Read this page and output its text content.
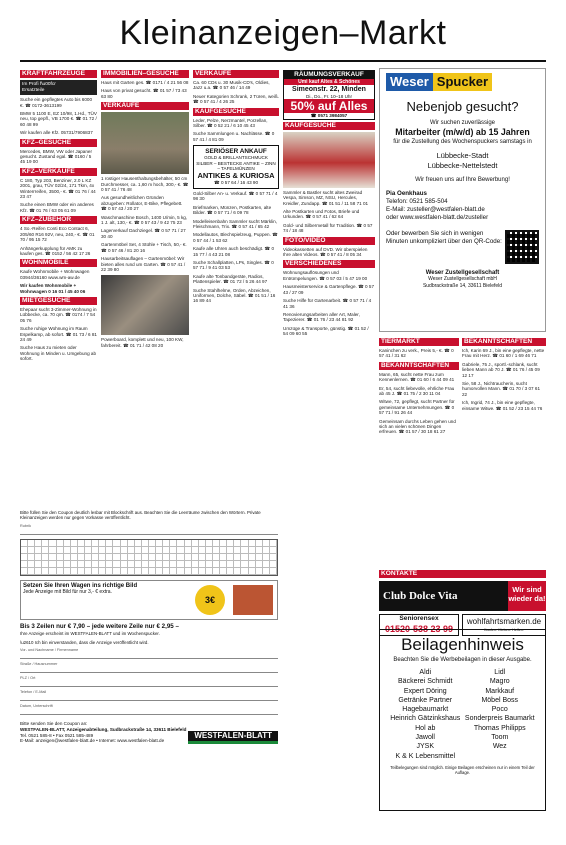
Kleinanzeigen–Markt
KRAFTFAHRZEUGE
Im Profi f\u00fcr
Ersatzteile
Suche ein gepflegtes Auto bis 6000 €. ☎ 0172-3613199
BMW 5 1100 E, EZ 10/98, 1.Hd., TÜV neu, top gepfl., VB 1700 €. ☎ 01 72 / 60 48 99
Wir kaufen alle Kfz. 05731/7906837
KFZ–GESUCHE
Mercedes, BMW, VW oder Japaner gesucht. Zustand egal. ☎ 0160 / 5 45 19 00
KFZ–VERKÄUFE
C 180, Typ 203, Benziner, 2.0 L KZ 2001, grau, TÜV 02/24, 171 Tkm, 4x Winterrreifen, 3500,- €. ☎ 01 76 / 44 23 47
Suche einen BMW oder ein anderes Kfz. ☎ 01 76 / 63 05 61 09
KFZ–ZUBEHÖR
4 So.-Reifen Conti Eco Contact 6, 205/60 R16 92V, neu, 240,- €. ☎ 01 70 / 95 15 72
Anhängerkupplung für AMK zu kaufen ges. ☎ 0152 / 56 42 17 26
WOHNMOBILE
Kaufe Wohnmobile + Wohnwagen 03944/36160 www.wm-aw.de
Wir kaufen Wohnmobile + Wohnwagen 0 16 01 / 45 40 06
MIETGESUCHE
Ehepaar sucht 3-Zimmer-Wohnung in Lübbecke, ca. 70 qm. ☎ 0174 / 7 54 05 76
Suche ruhige Wohnung im Raum Espelkamp, ab sofort. ☎ 01 73 / 6 81 24 49
Suche Haus zu mieten oder Wohnung in Minden u. Umgebung ab sofort.
IMMOBILIEN–GESUCHE
Haus mit Garten ges. ☎ 0171 / 4 21 56 08
Haus von privat gesucht. ☎ 01 57 / 73 43 63 80
VERKÄUFE
1 rostiger Hausenthaltungsbehälter, 50 cm Durchmesser, ca. 1,60 m hoch, 300,- €. ☎ 0 57 41 / 76 48
Aus gesundheitlichen Gründen abzugeben: Rollator, E-Bike, Pflegebett. ☎ 0 57 43 / 20 27
Waschmaschine Bosch, 1400 U/min, 5 kg, 1 J. alt, 130,- €. ☎ 0 57 43 / 9 42 75 23
Lagerverkauf Dachziegel. ☎ 0 57 71 / 27 30 40
Gartenmöbel Set, 4 Stühle + Tisch, 50,- €. ☎ 0 57 46 / 81 20 16
Hausarbeitsauflagen – Gartenmöbel: Wir bieten alles rund um Garten. ☎ 0 57 41 / 22 39 80
Powerboard, komplett und neu, 100 KW, fahrbereit. ☎ 01 71 / 42 08 20
VERKÄUFE
Ca. 60 CDs u. 30 Musik-CD's, Oldies, Jazz u.a. ☎ 0 57 46 / 14 49
Neuer Kategorien Schrank, 2 Türen, weiß. ☎ 0 57 41 / 4 26 25
KAUFGESUCHE
Leder, Pelze, Nerzmantel, Porzellan, Silber. ☎ 0 52 21 / 6 10 45 43
Suche Sammlungen u. Nachlässe. ☎ 0 57 41 / 4 81 09
SERIÖSER ANKAUF
GOLD & BRILLANTSCHMUCK SILBER – BESTECKE ANTIKE – ZINN – TAFELMÜNZEN
ANTIKES & KURIOSA
☎ 0 57 64 / 16 43 90
Gold-Silber An- u. Verkauf. ☎ 0 57 71 / 4 98 30
Briefmarken, Münzen, Postkarten, alte Bilder. ☎ 0 57 71 / 6 09 78
Modelleisenbahn Sammler sucht Märklin, Fleischmann, Trix. ☎ 0 57 41 / 65 42
Modellautos, Blechspielzeug, Puppen. ☎ 0 57 44 / 1 53 62
Kaufe alle Uhren auch beschädigt. ☎ 0 15 77 / 4 43 21 08
Suche Schallplatten, LPs, Singles. ☎ 0 57 71 / 9 41 03 53
Kaufe alte Tonbandgeräte, Radios, Plattenspieler. ☎ 01 72 / 5 26 44 97
Suche Stahlhelme, Orden, Abzeichen, Uniformen, Dolche, Säbel. ☎ 01 51 / 16 16 89 44
RÄUMUNGSVERKAUF
Umi kauf Altes & Schönes
Simeonstr. 22, Minden
Di., Do., Fr. 10–18 Uhr
50% auf Alles
☎ 0571 3984057
KAUFGESUCHE
Sammler & Bastler sucht altes Zweirad Vespa, Simson, MZ, NSU, Hercules, Kreidler, Zundapp. ☎ 01 51 / 11 58 71 01
Alte Postkarten und Fotos, Briefe und Urkunden. ☎ 0 57 41 / 62 64
Gold- und Silbermetall für Tradition. ☎ 0 57 74 / 18 48
FOTO/VIDEO
Videokassetten auf DVD. Wir überspielen Ihre alten Videos. ☎ 0 57 41 / 8 05 34
VERSCHIEDENES
Wohnungsauflösungen und Entrümpelungen. ☎ 0 57 03 / 5 47 19 00
Hausmeisterservice & Gartenpflege. ☎ 0 57 43 / 27 09
Suche Hilfe für Gartenarbeit. ☎ 0 57 71 / 4 41 36
Renovierungsarbeiten aller Art, Maler, Tapezierer. ☎ 01 76 / 23 44 81 92
Umzüge & Transporte, günstig. ☎ 01 52 / 54 09 60 55
Weser Spucker
Nebenjob gesucht?
Wir suchen zuverlässige
Mitarbeiter (m/w/d) ab 15 Jahren
für die Zustellung des Wochenspuckers samstags in
Lübbecke-Stadt
Lübbecke-Nettelstedt
Wir freuen uns auf Ihre Bewerbung!
Pia Oenkhaus
Telefon: 0521 585-504
E-Mail: zusteller@westfalen-blatt.de
oder www.westfalen-blatt.de/zusteller
Oder bewerben Sie sich in wenigen Minuten unkompliziert über den QR-Code:
Weser Zustellgesellschaft
Weser Zustellgesellschaft mbH
Sudbrackstraße 14, 33611 Bielefeld
TIERMARKT
Kaninchen zu verk., Preis 5,- €. ☎ 0 57 41 / 31 62
BEKANNTSCHAFTEN
Mann, 65, sucht nette Frau zum Kennenlernen. ☎ 01 60 / 6 44 09 41
Er, 54, sucht liebevolle, ehrliche Frau ab 45 J. ☎ 01 75 / 2 30 11 04
Witwe, 72, gepflegt, sucht Partner für gemeinsame Unternehmungen. ☎ 0 57 71 / 91 26 44
Gemeinsam durchs Leben gehen und sich an vielen schönen Dingen erfreuen. ☎ 01 57 / 30 18 61 27
BEKANNTSCHAFTEN
Ich, Karin 69 J., bin eine gepflegte, nette Frau mit Herz. ☎ 01 60 / 1 69 46 71
Gabriele, 75 J., sportl.-schlank, sucht lieben Mann ab 70 J. ☎ 01 76 / 45 09 12 17
Sie, 58 J., Nichtraucherin, sucht humorvollen Mann. ☎ 01 70 / 3 07 61 22
Ich, Ingrid, 74 J., bin eine gepflegte, einsame Witwe. ☎ 01 52 / 23 15 44 76
KONTAKTE
Club Dolce Vita
Wir sind wieder da!
Seniorensex
01520-538 23 99
wohlfahrtsmarken.de
Kaufen. Kleben. Helfen.
Beilagenhinweis
Beachten Sie die Werbebeilagen in dieser Ausgabe.
Aldi
Bäckerei Schmidt
Expert Döring
Getränke Partner
Hagebaumarkt
Heinrich Gätzinkshaus
Hol ab
Jawoll
JYSK
K & K Lebensmittel
Lidl
Magro
Markkauf
Möbel Boss
Poco
Sonderpreis Baumarkt
Thomas Philipps
Toom
Wez

Teilbelegungen sind möglich. Einige Beilagen erscheinen nur in einem Teil der Auflage.
Bitte füllen Sie den Coupon deutlich lesbar mit Blockschrift aus. Beachten Sie die Leerräume zwischen den Wörtern. Private Kleinanzeigen werden nur gegen Vorkasse veröffentlicht.
Rubrik
Setzen Sie Ihren Wagen ins richtige Bild
Jede Anzeige mit Bild für nur 3,- € extra.
3€
Bis 3 Zeilen nur € 7,90 – jede weitere Zeile nur € 2,95 –
Ihre Anzeige erscheint im WESTFALEN-BLATT und im Wochenspucker.
\u2610 Ich bin einverstanden, dass die Anzeige veröffentlicht wird.
Vor- und Nachname / Firmenname
Straße / Hausnummer
PLZ / Ort
Telefon / E-Mail
Datum, Unterschrift
Bitte senden Sie den Coupon an:
WESTFALEN-BLATT, Anzeigenabteilung, Sudbrackstraße 14, 33611 Bielefeld
Tel. 0521 585-8 • Fax 0521 585-489
E-Mail: anzeigen@westfalen-blatt.de • Internet: www.westfalen-blatt.de
WESTFALEN-BLATT
